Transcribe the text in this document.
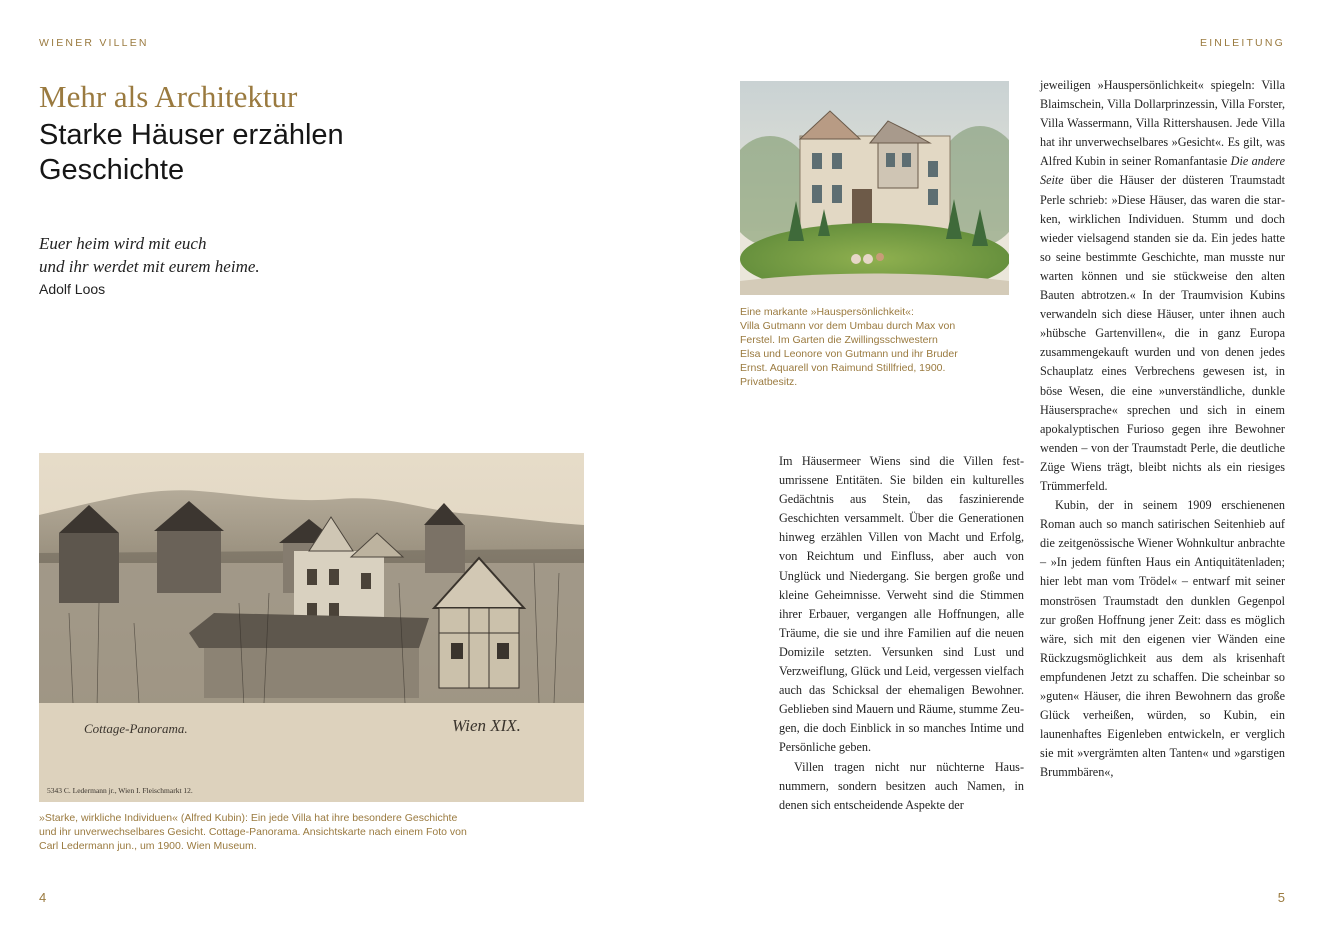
WIENER VILLEN	EINLEITUNG
Mehr als Architektur
Starke Häuser erzählen
Geschichte
Euer heim wird mit euch
und ihr werdet mit eurem heime.
Adolf Loos
Cottage-Panorama.	Wien XIX.
5343 C. Ledermann jr., Wien I. Fleischmarkt 12.
»Starke, wirkliche Individuen« (Alfred Kubin): Ein jede Villa hat ihre besondere Geschichte
und ihr unverwechselbares Gesicht. Cottage-Panorama. Ansichtskarte nach einem Foto von
Carl Ledermann jun., um 1900. Wien Museum.
Eine markante »Hauspersönlichkeit«:
Villa Gutmann vor dem Umbau durch Max von
Ferstel. Im Garten die Zwillingsschwestern
Elsa und Leonore von Gutmann und ihr Bruder
Ernst. Aquarell von Raimund Stillfried, 1900.
Privatbesitz.

Im Häusermeer Wiens sind die Villen festumrissene Entitäten. Sie bilden ein kulturelles Gedächtnis aus Stein, das faszinierende Geschichten versammelt. Über die Generationen hinweg erzählen Villen von Macht und Erfolg, von Reichtum und Einfluss, aber auch von Unglück und Niedergang. Sie bergen große und kleine Geheimnisse. Verweht sind die Stimmen ihrer Erbauer, vergangen alle Hoffnungen, alle Träume, die sie und ihre Familien auf die neuen Domizile setzten. Versunken sind Lust und Verzweiflung, Glück und Leid, vergessen vielfach auch das Schicksal der ehemaligen Bewohner. Geblieben sind Mauern und Räume, stumme Zeugen, die doch Einblick in so manches Intime und Persönliche geben.

Villen tragen nicht nur nüchterne Hausnummern, sondern besitzen auch Namen, in denen sich entscheidende Aspekte der

jeweiligen »Hauspersönlichkeit« spiegeln: Villa Blaimschein, Villa Dollarprinzessin, Villa Forster, Villa Wassermann, Villa Rittershausen. Jede Villa hat ihr unverwechselbares »Gesicht«. Es gilt, was Alfred Kubin in seiner Romanfantasie Die andere Seite über die Häuser der düsteren Traumstadt Perle schrieb: »Diese Häuser, das waren die starken, wirklichen Individuen. Stumm und doch wieder vielsagend standen sie da. Ein jedes hatte so seine bestimmte Geschichte, man musste nur warten können und sie stückweise den alten Bauten abtrotzen.« In der Traumvision Kubins verwandeln sich diese Häuser, unter ihnen auch »hübsche Gartenvillen«, die in ganz Europa zusammengekauft wurden und von denen jedes Schauplatz eines Verbrechens gewesen ist, in böse Wesen, die eine »unverständliche, dunkle Häusersprache« sprechen und sich in einem apokalyptischen Furioso gegen ihre Bewohner wenden – von der Traumstadt Perle, die deutliche Züge Wiens trägt, bleibt nichts als ein riesiges Trümmerfeld.

Kubin, der in seinem 1909 erschienenen Roman auch so manch satirischen Seitenhieb auf die zeitgenössische Wiener Wohnkultur anbrachte – »In jedem fünften Haus ein Antiquitätenladen; hier lebt man vom Trödel« – entwarf mit seiner monströsen Traumstadt den dunklen Gegenpol zur großen Hoffnung jener Zeit: dass es möglich wäre, sich mit den eigenen vier Wänden eine Rückzugsmöglichkeit aus dem als krisenhaft empfundenen Jetzt zu schaffen. Die scheinbar so »guten« Häuser, die ihren Bewohnern das große Glück verheißen, würden, so Kubin, ein launenhaftes Eigenleben entwickeln, er verglich sie mit »vergrämten alten Tanten« und »garstigen Brummbären«,

4	5
